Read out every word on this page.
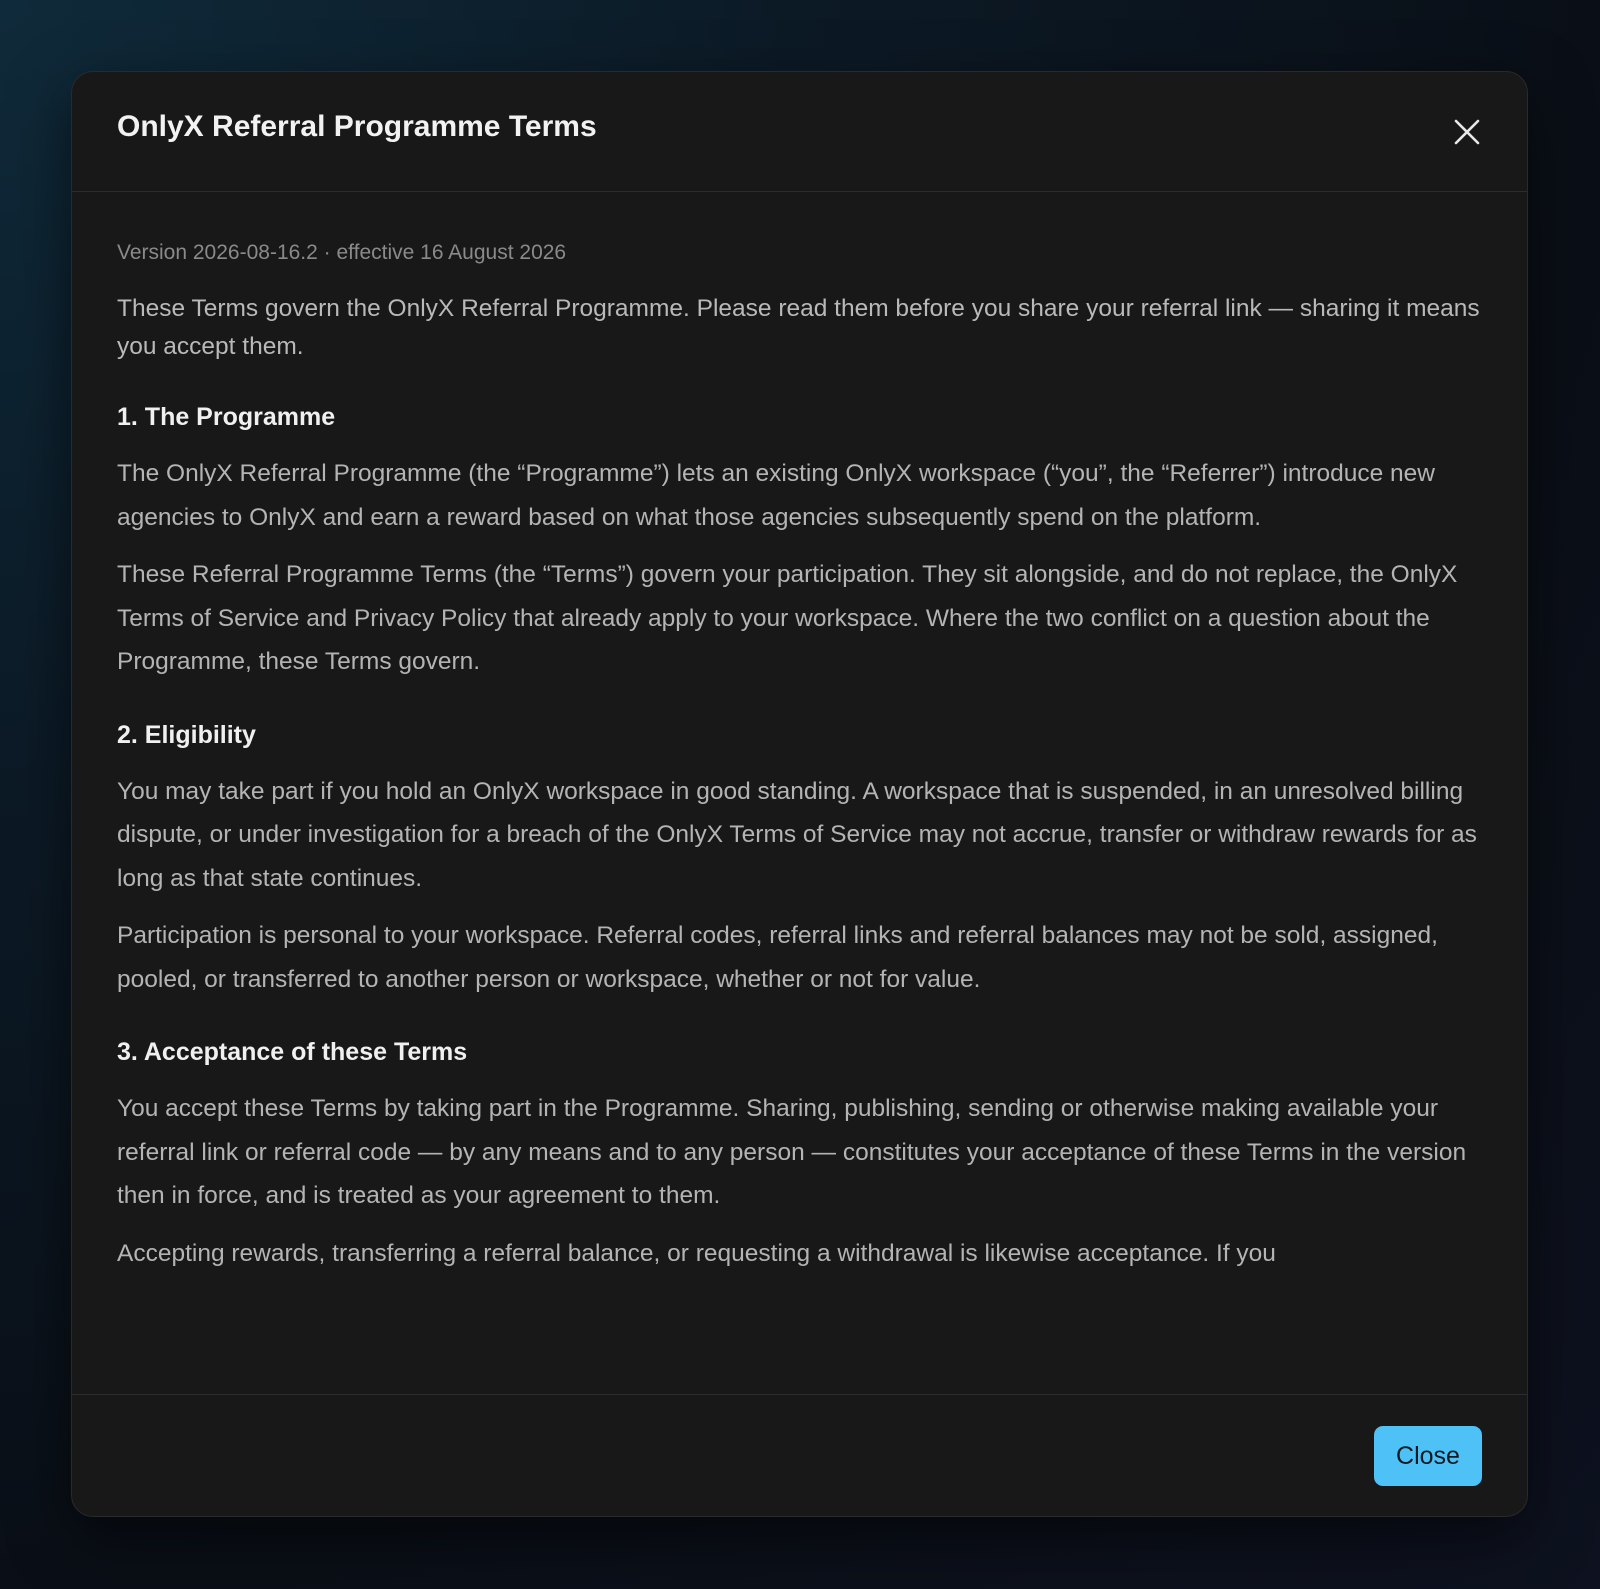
OnlyX Referral Programme Terms

Version 2026-08-16.2 · effective 16 August 2026

These Terms govern the OnlyX Referral Programme. Please read them before you share your referral link — sharing it means you accept them.

1. The Programme

The OnlyX Referral Programme (the “Programme”) lets an existing OnlyX workspace (“you”, the “Referrer”) introduce new agencies to OnlyX and earn a reward based on what those agencies subsequently spend on the platform.

These Referral Programme Terms (the “Terms”) govern your participation. They sit alongside, and do not replace, the OnlyX Terms of Service and Privacy Policy that already apply to your workspace. Where the two conflict on a question about the Programme, these Terms govern.

2. Eligibility

You may take part if you hold an OnlyX workspace in good standing. A workspace that is suspended, in an unresolved billing dispute, or under investigation for a breach of the OnlyX Terms of Service may not accrue, transfer or withdraw rewards for as long as that state continues.

Participation is personal to your workspace. Referral codes, referral links and referral balances may not be sold, assigned, pooled, or transferred to another person or workspace, whether or not for value.

3. Acceptance of these Terms

You accept these Terms by taking part in the Programme. Sharing, publishing, sending or otherwise making available your referral link or referral code — by any means and to any person — constitutes your acceptance of these Terms in the version then in force, and is treated as your agreement to them.

Accepting rewards, transferring a referral balance, or requesting a withdrawal is likewise acceptance. If you

Close
